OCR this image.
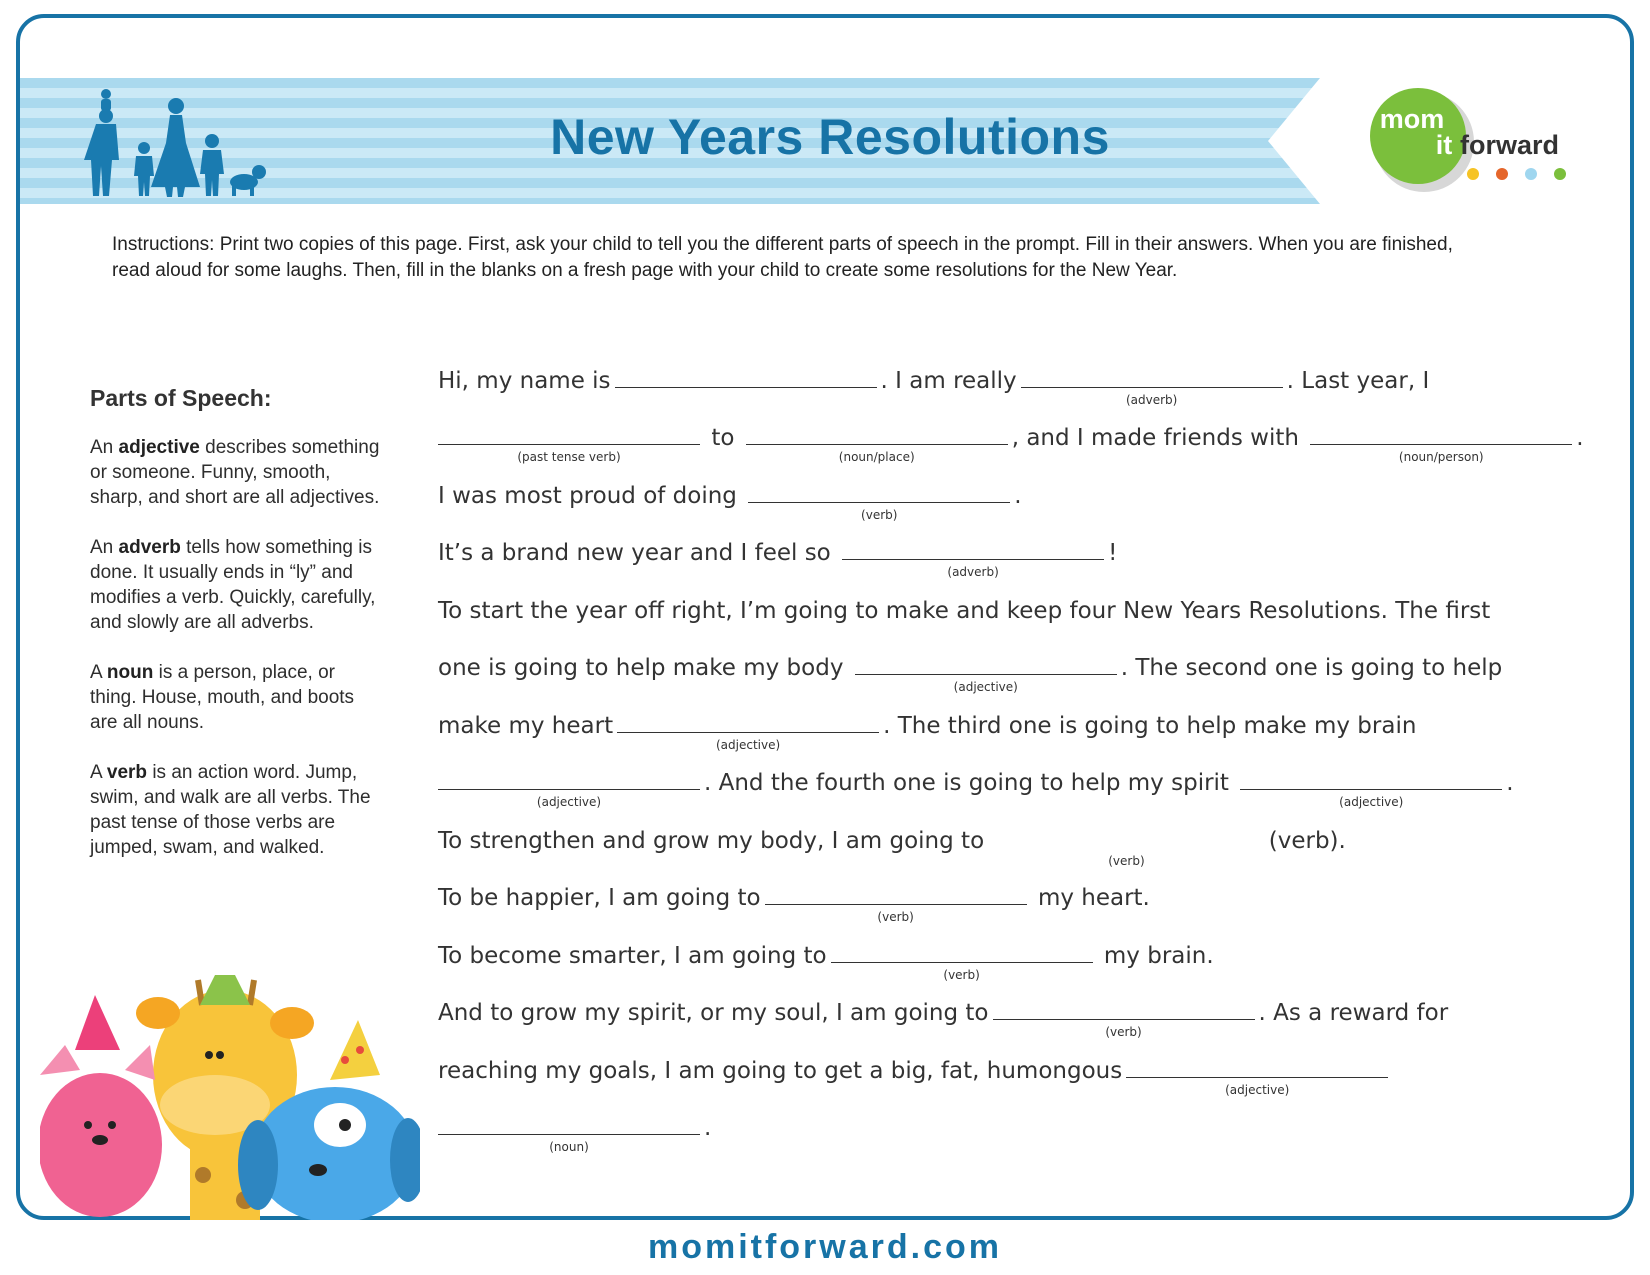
New Years Resolutions	mom
it forward
Instructions: Print two copies of this page. First, ask your child to tell you the different parts of speech in the prompt. Fill in their answers. When you are finished, read aloud for some laughs. Then, fill in the blanks on a fresh page with your child to create some resolutions for the New Year.
Parts of Speech:

An adjective describes something or someone. Funny, smooth, sharp, and short are all adjectives.

An adverb tells how something is done. It usually ends in “ly” and modifies a verb. Quickly, carefully, and slowly are all adverbs.

A noun is a person, place, or thing. House, mouth, and boots are all nouns.

A verb is an action word. Jump, swim, and walk are all verbs. The past tense of those verbs are jumped, swam, and walked.

Hi, my name is	. I am really
(adverb)
. Last year, I
(past tense verb)
to
(noun/place)
, and I made friends with
(noun/person)
.
I was most proud of doing
(verb)
.
It’s a brand new year and I feel so
(adverb)
!
To start the year off right, I’m going to make and keep four New Years Resolutions. The first
one is going to help make my body
(adjective)
. The second one is going to help
make my heart
(adjective)
. The third one is going to help make my brain
(adjective)
. And the fourth one is going to help my spirit
(adjective)
.
To strengthen and grow my body, I am going to
(verb)
(verb).
To be happier, I am going to
(verb)
my heart.
To become smarter, I am going to
(verb)
my brain.
And to grow my spirit, or my soul, I am going to
(verb)
. As a reward for
reaching my goals, I am going to get a big, fat, humongous
(adjective)
(noun)
.
momitforward.com
